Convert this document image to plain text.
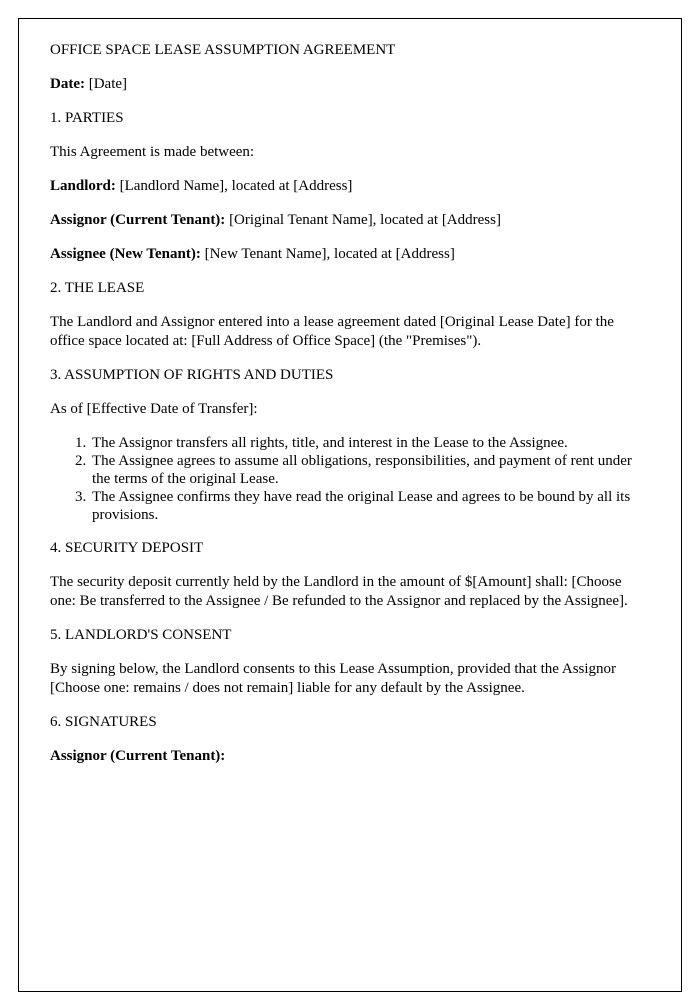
OFFICE SPACE LEASE ASSUMPTION AGREEMENT

Date: [Date]

1. PARTIES

This Agreement is made between:

Landlord: [Landlord Name], located at [Address]

Assignor (Current Tenant): [Original Tenant Name], located at [Address]

Assignee (New Tenant): [New Tenant Name], located at [Address]

2. THE LEASE

The Landlord and Assignor entered into a lease agreement dated [Original Lease Date] for the office space located at: [Full Address of Office Space] (the "Premises").

3. ASSUMPTION OF RIGHTS AND DUTIES

As of [Effective Date of Transfer]:

1. The Assignor transfers all rights, title, and interest in the Lease to the Assignee.
2. The Assignee agrees to assume all obligations, responsibilities, and payment of rent under the terms of the original Lease.
3. The Assignee confirms they have read the original Lease and agrees to be bound by all its provisions.

4. SECURITY DEPOSIT

The security deposit currently held by the Landlord in the amount of $[Amount] shall: [Choose one: Be transferred to the Assignee / Be refunded to the Assignor and replaced by the Assignee].

5. LANDLORD'S CONSENT

By signing below, the Landlord consents to this Lease Assumption, provided that the Assignor [Choose one: remains / does not remain] liable for any default by the Assignee.

6. SIGNATURES

Assignor (Current Tenant):
